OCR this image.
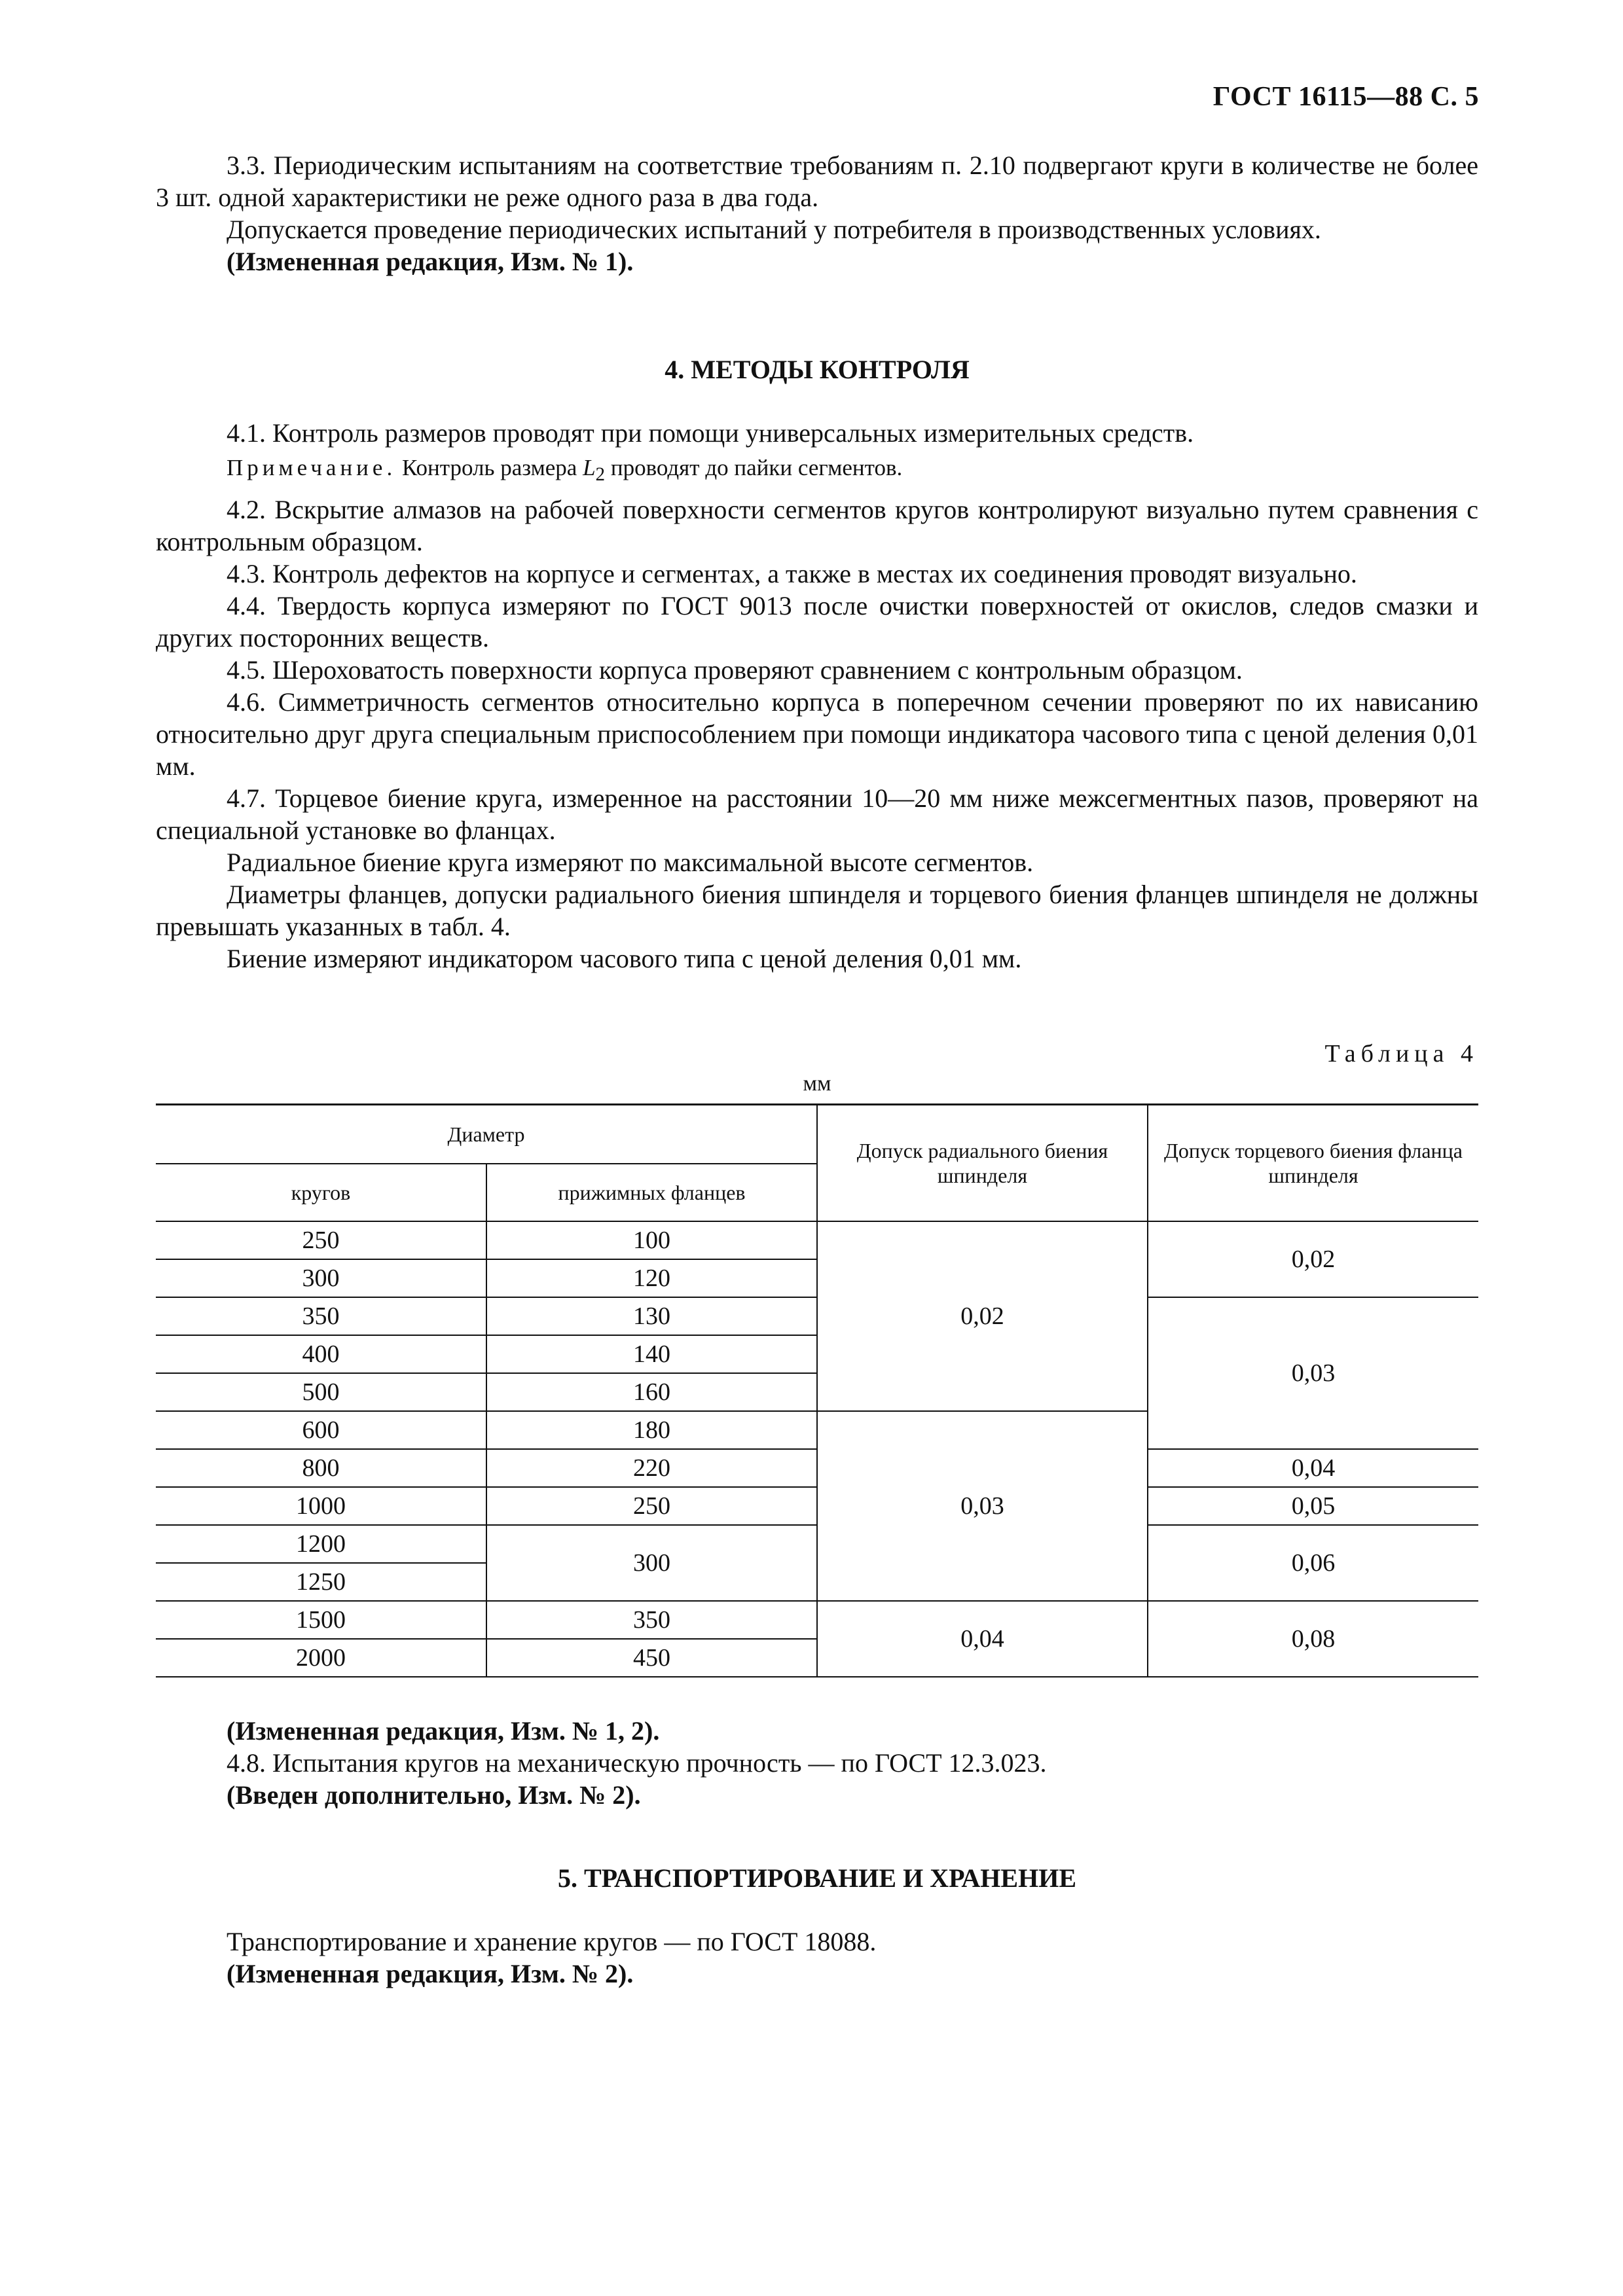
ГОСТ 16115—88 С. 5

3.3. Периодическим испытаниям на соответствие требованиям п. 2.10 подвергают круги в количестве не более 3 шт. одной характеристики не реже одного раза в два года.

Допускается проведение периодических испытаний у потребителя в производственных условиях.

(Измененная редакция, Изм. № 1).

4. МЕТОДЫ КОНТРОЛЯ

4.1. Контроль размеров проводят при помощи универсальных измерительных средств.

Примечание. Контроль размера $L_2$ проводят до пайки сегментов.

4.2. Вскрытие алмазов на рабочей поверхности сегментов кругов контролируют визуально путем сравнения с контрольным образцом.

4.3. Контроль дефектов на корпусе и сегментах, а также в местах их соединения проводят визуально.

4.4. Твердость корпуса измеряют по ГОСТ 9013 после очистки поверхностей от окислов, следов смазки и других посторонних веществ.

4.5. Шероховатость поверхности корпуса проверяют сравнением с контрольным образцом.

4.6. Симметричность сегментов относительно корпуса в поперечном сечении проверяют по их нависанию относительно друг друга специальным приспособлением при помощи индикатора часового типа с ценой деления 0,01 мм.

4.7. Торцевое биение круга, измеренное на расстоянии 10—20 мм ниже межсегментных пазов, проверяют на специальной установке во фланцах.

Радиальное биение круга измеряют по максимальной высоте сегментов.

Диаметры фланцев, допуски радиального биения шпинделя и торцевого биения фланцев шпинделя не должны превышать указанных в табл. 4.

Биение измеряют индикатором часового типа с ценой деления 0,01 мм.

Таблица 4
мм
Диаметр		Допуск радиального биения шпинделя	Допуск торцевого биения фланца шпинделя
кругов	прижимных фланцев		
250	100	0,02	0,02
300	120		
350	130		0,03
400	140		
500	160		
600	180	0,03	
800	220		0,04
1000	250		0,05
1200	300		0,06
1250			
1500	350	0,04	0,08
2000	450		

(Измененная редакция, Изм. № 1, 2).

4.8. Испытания кругов на механическую прочность — по ГОСТ 12.3.023.

(Введен дополнительно, Изм. № 2).

5. ТРАНСПОРТИРОВАНИЕ И ХРАНЕНИЕ

Транспортирование и хранение кругов — по ГОСТ 18088.

(Измененная редакция, Изм. № 2).
